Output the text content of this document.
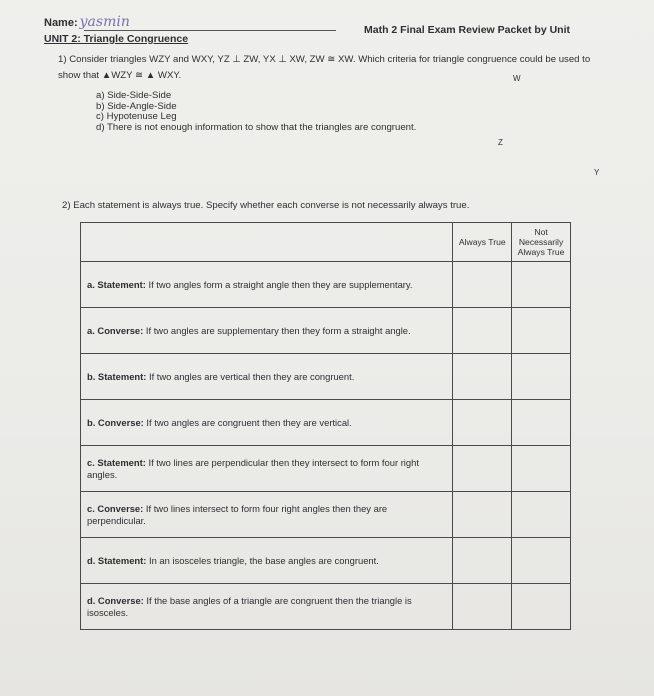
Name: yasmin	Math 2 Final Exam Review Packet by Unit
UNIT 2: Triangle Congruence
1) Consider triangles WZY and WXY, YZ ⊥ ZW, YX ⊥ XW, ZW ≅ XW. Which criteria for triangle congruence could be used to show that ▲WZY ≅ ▲ WXY.	W
Z
Y
a) Side-Side-Side
b) Side-Angle-Side
c) Hypotenuse Leg
d) There is not enough information to show that the triangles are congruent.
2) Each statement is always true. Specify whether each converse is not necessarily always true.
	Always True	Not Necessarily Always True
a. Statement: If two angles form a straight angle then they are supplementary.		
a. Converse: If two angles are supplementary then they form a straight angle.		
b. Statement: If two angles are vertical then they are congruent.		
b. Converse: If two angles are congruent then they are vertical.		
c. Statement: If two lines are perpendicular then they intersect to form four right angles.		
c. Converse: If two lines intersect to form four right angles then they are perpendicular.		
d. Statement: In an isosceles triangle, the base angles are congruent.		
d. Converse: If the base angles of a triangle are congruent then the triangle is isosceles.		
